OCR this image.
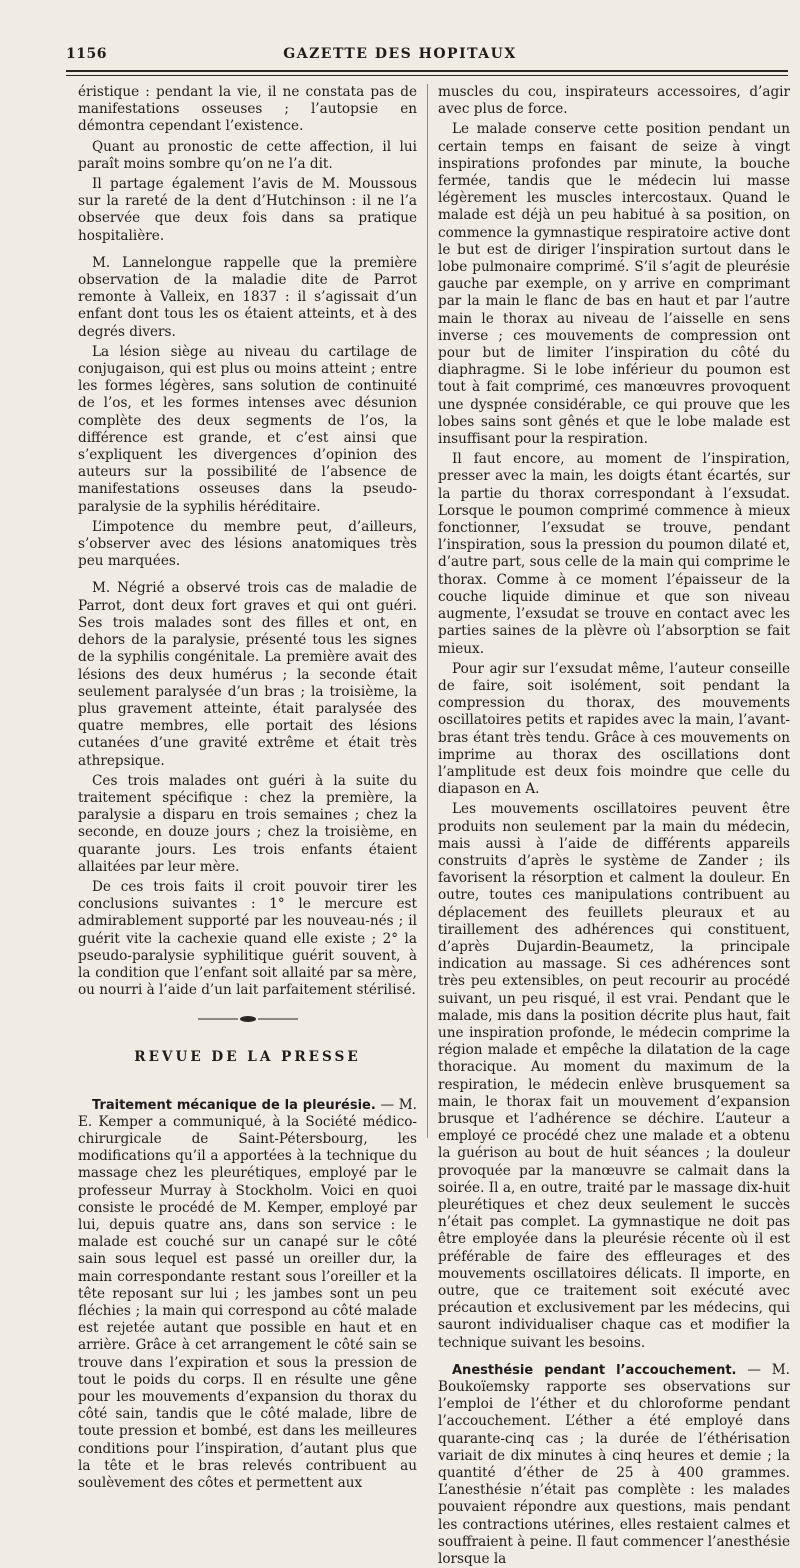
1156	GAZETTE DES HOPITAUX

éristique : pendant la vie, il ne constata pas de manifestations osseuses ; l’autopsie en démontra cependant l’existence.

Quant au pronostic de cette affection, il lui paraît moins sombre qu’on ne l’a dit.

Il partage également l’avis de M. Moussous sur la rareté de la dent d’Hutchinson : il ne l’a observée que deux fois dans sa pratique hospitalière.

M. Lannelongue rappelle que la première observation de la maladie dite de Parrot remonte à Valleix, en 1837 : il s’agissait d’un enfant dont tous les os étaient atteints, et à des degrés divers.

La lésion siège au niveau du cartilage de conjugaison, qui est plus ou moins atteint ; entre les formes légères, sans solution de continuité de l’os, et les formes intenses avec désunion complète des deux segments de l’os, la différence est grande, et c’est ainsi que s’expliquent les divergences d’opinion des auteurs sur la possibilité de l’absence de manifestations osseuses dans la pseudo-paralysie de la syphilis héréditaire.

L’impotence du membre peut, d’ailleurs, s’observer avec des lésions anatomiques très peu marquées.

M. Négrié a observé trois cas de maladie de Parrot, dont deux fort graves et qui ont guéri. Ses trois malades sont des filles et ont, en dehors de la paralysie, présenté tous les signes de la syphilis congénitale. La première avait des lésions des deux humérus ; la seconde était seulement paralysée d’un bras ; la troisième, la plus gravement atteinte, était paralysée des quatre membres, elle portait des lésions cutanées d’une gravité extrême et était très athrepsique.

Ces trois malades ont guéri à la suite du traitement spécifique : chez la première, la paralysie a disparu en trois semaines ; chez la seconde, en douze jours ; chez la troisième, en quarante jours. Les trois enfants étaient allaitées par leur mère.

De ces trois faits il croit pouvoir tirer les conclusions suivantes : 1° le mercure est admirablement supporté par les nouveau-nés ; il guérit vite la cachexie quand elle existe ; 2° la pseudo-paralysie syphilitique guérit souvent, à la condition que l’enfant soit allaité par sa mère, ou nourri à l’aide d’un lait parfaitement stérilisé.

REVUE DE LA PRESSE

Traitement mécanique de la pleurésie. — M. E. Kemper a communiqué, à la Société médico-chirurgicale de Saint-Pétersbourg, les modifications qu’il a apportées à la technique du massage chez les pleurétiques, employé par le professeur Murray à Stockholm. Voici en quoi consiste le procédé de M. Kemper, employé par lui, depuis quatre ans, dans son service : le malade est couché sur un canapé sur le côté sain sous lequel est passé un oreiller dur, la main correspondante restant sous l’oreiller et la tête reposant sur lui ; les jambes sont un peu fléchies ; la main qui correspond au côté malade est rejetée autant que possible en haut et en arrière. Grâce à cet arrangement le côté sain se trouve dans l’expiration et sous la pression de tout le poids du corps. Il en résulte une gêne pour les mouvements d’expansion du thorax du côté sain, tandis que le côté malade, libre de toute pression et bombé, est dans les meilleures conditions pour l’inspiration, d’autant plus que la tête et le bras relevés contribuent au soulèvement des côtes et permettent aux

muscles du cou, inspirateurs accessoires, d’agir avec plus de force.

Le malade conserve cette position pendant un certain temps en faisant de seize à vingt inspirations profondes par minute, la bouche fermée, tandis que le médecin lui masse légèrement les muscles intercostaux. Quand le malade est déjà un peu habitué à sa position, on commence la gymnastique respiratoire active dont le but est de diriger l’inspiration surtout dans le lobe pulmonaire comprimé. S’il s’agit de pleurésie gauche par exemple, on y arrive en comprimant par la main le flanc de bas en haut et par l’autre main le thorax au niveau de l’aisselle en sens inverse ; ces mouvements de compression ont pour but de limiter l’inspiration du côté du diaphragme. Si le lobe inférieur du poumon est tout à fait comprimé, ces manœuvres provoquent une dyspnée considérable, ce qui prouve que les lobes sains sont gênés et que le lobe malade est insuffisant pour la respiration.

Il faut encore, au moment de l’inspiration, presser avec la main, les doigts étant écartés, sur la partie du thorax correspondant à l’exsudat. Lorsque le poumon comprimé commence à mieux fonctionner, l’exsudat se trouve, pendant l’inspiration, sous la pression du poumon dilaté et, d’autre part, sous celle de la main qui comprime le thorax. Comme à ce moment l’épaisseur de la couche liquide diminue et que son niveau augmente, l’exsudat se trouve en contact avec les parties saines de la plèvre où l’absorption se fait mieux.

Pour agir sur l’exsudat même, l’auteur conseille de faire, soit isolément, soit pendant la compression du thorax, des mouvements oscillatoires petits et rapides avec la main, l’avant-bras étant très tendu. Grâce à ces mouvements on imprime au thorax des oscillations dont l’amplitude est deux fois moindre que celle du diapason en A.

Les mouvements oscillatoires peuvent être produits non seulement par la main du médecin, mais aussi à l’aide de différents appareils construits d’après le système de Zander ; ils favorisent la résorption et calment la douleur. En outre, toutes ces manipulations contribuent au déplacement des feuillets pleuraux et au tiraillement des adhérences qui constituent, d’après Dujardin-Beaumetz, la principale indication au massage. Si ces adhérences sont très peu extensibles, on peut recourir au procédé suivant, un peu risqué, il est vrai. Pendant que le malade, mis dans la position décrite plus haut, fait une inspiration profonde, le médecin comprime la région malade et empêche la dilatation de la cage thoracique. Au moment du maximum de la respiration, le médecin enlève brusquement sa main, le thorax fait un mouvement d’expansion brusque et l’adhérence se déchire. L’auteur a employé ce procédé chez une malade et a obtenu la guérison au bout de huit séances ; la douleur provoquée par la manœuvre se calmait dans la soirée. Il a, en outre, traité par le massage dix-huit pleurétiques et chez deux seulement le succès n’était pas complet. La gymnastique ne doit pas être employée dans la pleurésie récente où il est préférable de faire des effleurages et des mouvements oscillatoires délicats. Il importe, en outre, que ce traitement soit exécuté avec précaution et exclusivement par les médecins, qui sauront individualiser chaque cas et modifier la technique suivant les besoins.

Anesthésie pendant l’accouchement. — M. Boukoïemsky rapporte ses observations sur l’emploi de l’éther et du chloroforme pendant l’accouchement. L’éther a été employé dans quarante-cinq cas ; la durée de l’éthérisation variait de dix minutes à cinq heures et demie ; la quantité d’éther de 25 à 400 grammes. L’anesthésie n’était pas complète : les malades pouvaient répondre aux questions, mais pendant les contractions utérines, elles restaient calmes et souffraient à peine. Il faut commencer l’anesthésie lorsque la
